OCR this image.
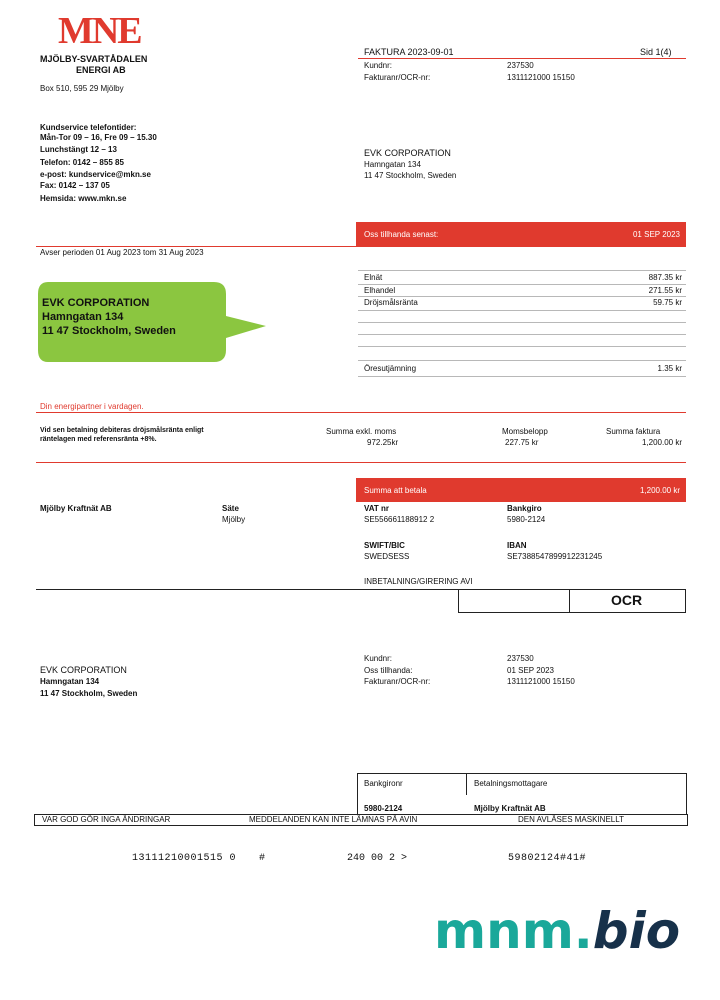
MNE
MJÖLBY-SVARTÅDALEN
ENERGI AB
Box 510, 595 29 Mjölby
Kundservice telefontider:
Mån-Tor 09 – 16, Fre 09 – 15.30
Lunchstängt 12 – 13
Telefon: 0142 – 855 85
e-post: kundservice@mkn.se
Fax: 0142 – 137 05
Hemsida: www.mkn.se
FAKTURA 2023-09-01	Sid 1(4)
Kundnr:	237530
Fakturanr/OCR-nr:	1311121000 15150
EVK CORPORATION
Hamngatan 134
11 47 Stockholm, Sweden
Oss tillhanda senast:	01 SEP 2023
Avser perioden 01 Aug 2023 tom 31 Aug 2023
EVK CORPORATION
Hamngatan 134
11 47 Stockholm, Sweden
Elnät	887.35 kr
Elhandel	271.55 kr
Dröjsmålsränta	59.75 kr
Öresutjämning	1.35 kr
Din energipartner i vardagen.
Vid sen betalning debiteras dröjsmålsränta enligt
räntelagen med referensränta +8%.
Summa exkl. moms
972.25kr
Momsbelopp
227.75 kr
Summa faktura
1,200.00 kr
Summa att betala	1,200.00 kr
Mjölby Kraftnät AB	Säte
Mjölby
VAT nr
SE556661188912 2
Bankgiro
5980-2124
SWIFT/BIC
SWEDSESS
IBAN
SE7388547899912231245
INBETALNING/GIRERING AVI
OCR
EVK CORPORATION
Hamngatan 134
11 47 Stockholm, Sweden
Kundnr:	237530
Oss tillhanda:	01 SEP 2023
Fakturanr/OCR-nr:	1311121000 15150
Bankgironr	Betalningsmottagare
5980-2124	Mjölby Kraftnät AB
VAR GOD GÖR INGA ÄNDRINGAR	MEDDELANDEN KAN INTE LÄMNAS PÅ AVIN	DEN AVLÄSES MASKINELLT
13111210001515 0 #	240 00 2 >	59802124#41#
mnm.bio
